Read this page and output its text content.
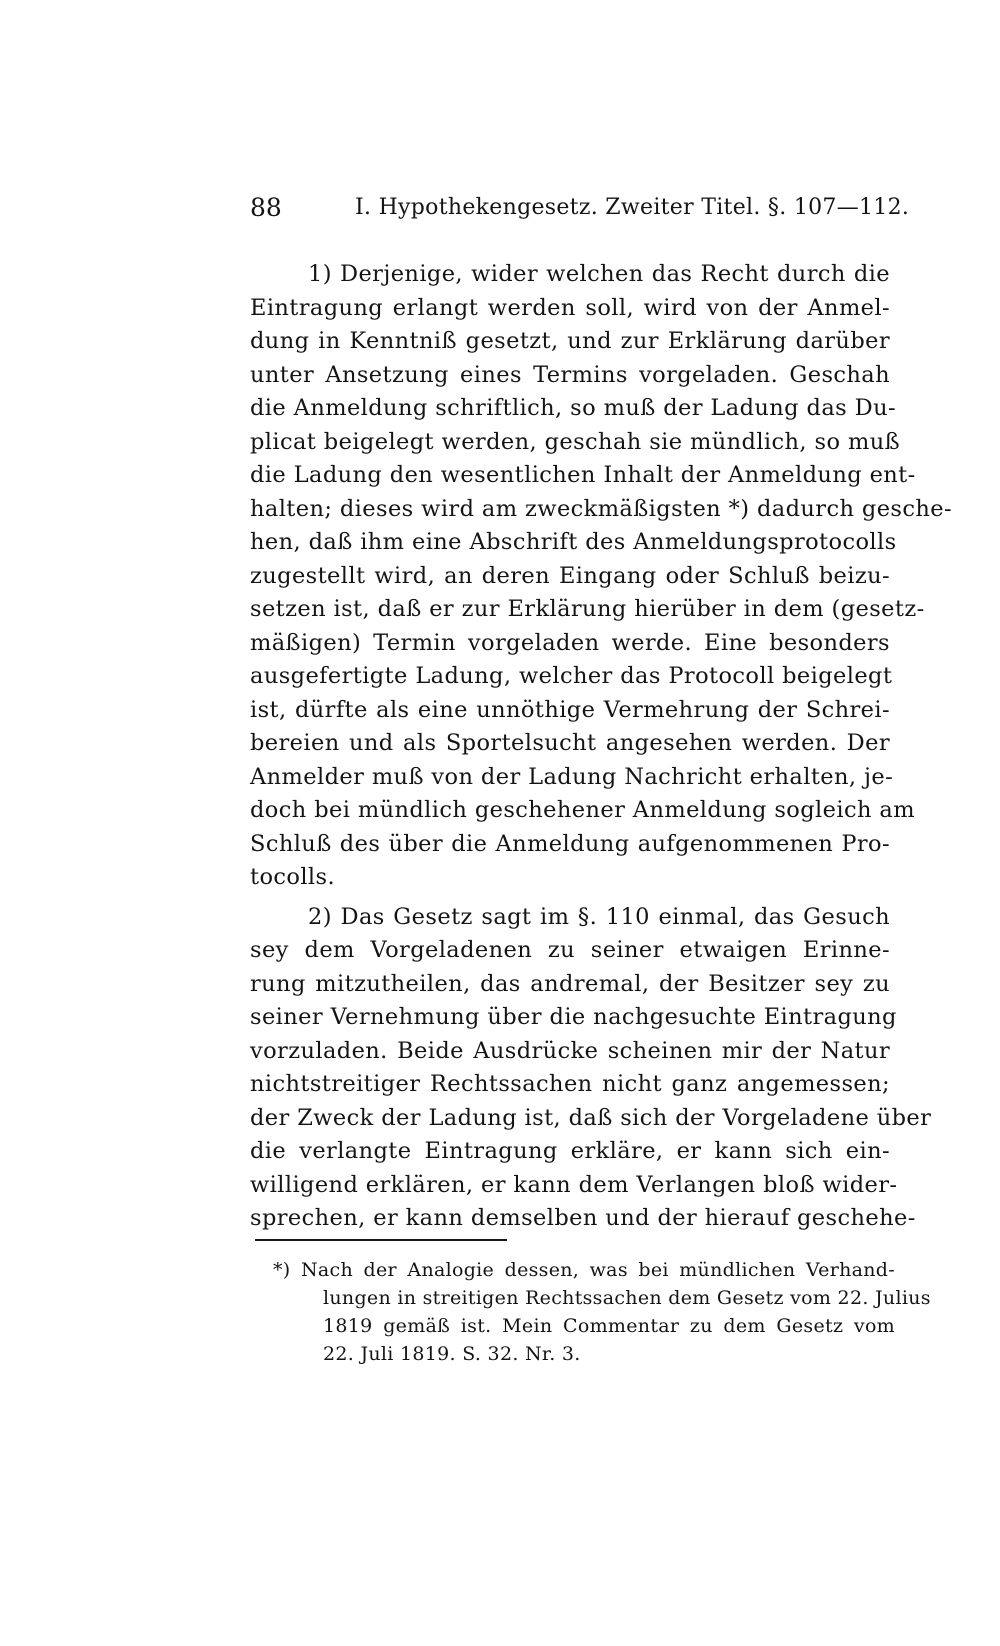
88	I. Hypothekengesetz. Zweiter Titel. §. 107—112.
1) Derjenige, wider welchen das Recht durch die
Eintragung erlangt werden soll, wird von der Anmel-
dung in Kenntniß gesetzt, und zur Erklärung darüber
unter Ansetzung eines Termins vorgeladen. Geschah
die Anmeldung schriftlich, so muß der Ladung das Du-
plicat beigelegt werden, geschah sie mündlich, so muß
die Ladung den wesentlichen Inhalt der Anmeldung ent-
halten; dieses wird am zweckmäßigsten *) dadurch gesche-
hen, daß ihm eine Abschrift des Anmeldungsprotocolls
zugestellt wird, an deren Eingang oder Schluß beizu-
setzen ist, daß er zur Erklärung hierüber in dem (gesetz-
mäßigen) Termin vorgeladen werde. Eine besonders
ausgefertigte Ladung, welcher das Protocoll beigelegt
ist, dürfte als eine unnöthige Vermehrung der Schrei-
bereien und als Sportelsucht angesehen werden. Der
Anmelder muß von der Ladung Nachricht erhalten, je-
doch bei mündlich geschehener Anmeldung sogleich am
Schluß des über die Anmeldung aufgenommenen Pro-
tocolls.
2) Das Gesetz sagt im §. 110 einmal, das Gesuch
sey dem Vorgeladenen zu seiner etwaigen Erinne-
rung mitzutheilen, das andremal, der Besitzer sey zu
seiner Vernehmung über die nachgesuchte Eintragung
vorzuladen. Beide Ausdrücke scheinen mir der Natur
nichtstreitiger Rechtssachen nicht ganz angemessen;
der Zweck der Ladung ist, daß sich der Vorgeladene über
die verlangte Eintragung erkläre, er kann sich ein-
willigend erklären, er kann dem Verlangen bloß wider-
sprechen, er kann demselben und der hierauf geschehe-
*) Nach der Analogie dessen, was bei mündlichen Verhand-
lungen in streitigen Rechtssachen dem Gesetz vom 22. Julius
1819 gemäß ist. Mein Commentar zu dem Gesetz vom
22. Juli 1819. S. 32. Nr. 3.
